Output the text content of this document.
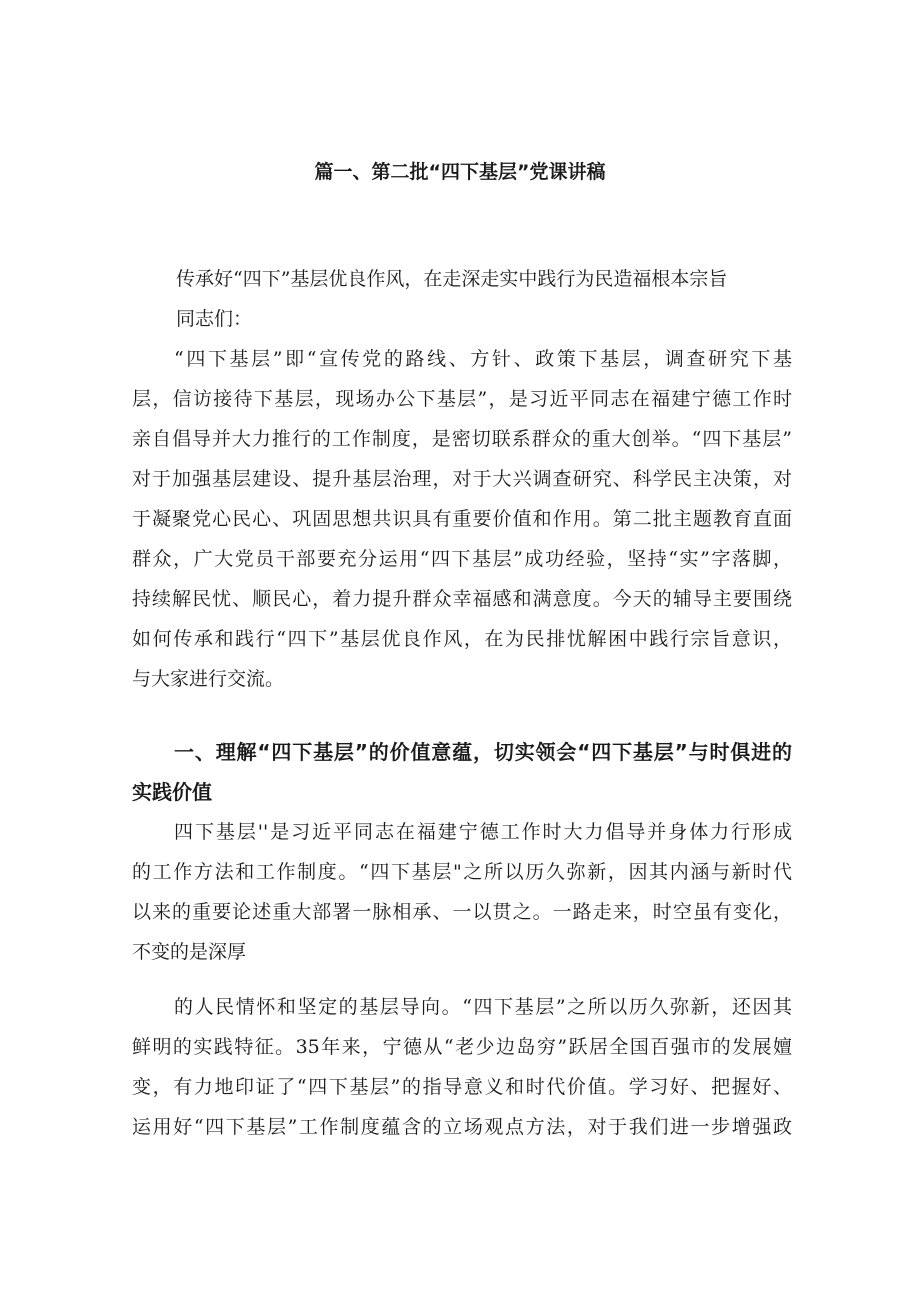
篇一、第二批“四下基层”党课讲稿
传承好“四下”基层优良作风，在走深走实中践行为民造福根本宗旨
同志们：
“四下基层”即“宣传党的路线、方针、政策下基层，调查研究下基
层，信访接待下基层，现场办公下基层”，是习近平同志在福建宁德工作时
亲自倡导并大力推行的工作制度，是密切联系群众的重大创举。“四下基层”
对于加强基层建设、提升基层治理，对于大兴调查研究、科学民主决策，对
于凝聚党心民心、巩固思想共识具有重要价值和作用。第二批主题教育直面
群众，广大党员干部要充分运用“四下基层”成功经验，坚持“实”字落脚，
持续解民忧、顺民心，着力提升群众幸福感和满意度。今天的辅导主要围绕
如何传承和践行“四下”基层优良作风，在为民排忧解困中践行宗旨意识，
与大家进行交流。
一、理解“四下基层”的价值意蕴，切实领会“四下基层”与时俱进的
实践价值
四下基层''是习近平同志在福建宁德工作时大力倡导并身体力行形成
的工作方法和工作制度。“四下基层"之所以历久弥新，因其内涵与新时代
以来的重要论述重大部署一脉相承、一以贯之。一路走来，时空虽有变化，
不变的是深厚
的人民情怀和坚定的基层导向。“四下基层”之所以历久弥新，还因其
鲜明的实践特征。35年来，宁德从“老少边岛穷”跃居全国百强市的发展嬗
变，有力地印证了“四下基层”的指导意义和时代价值。学习好、把握好、
运用好“四下基层”工作制度蕴含的立场观点方法，对于我们进一步增强政
